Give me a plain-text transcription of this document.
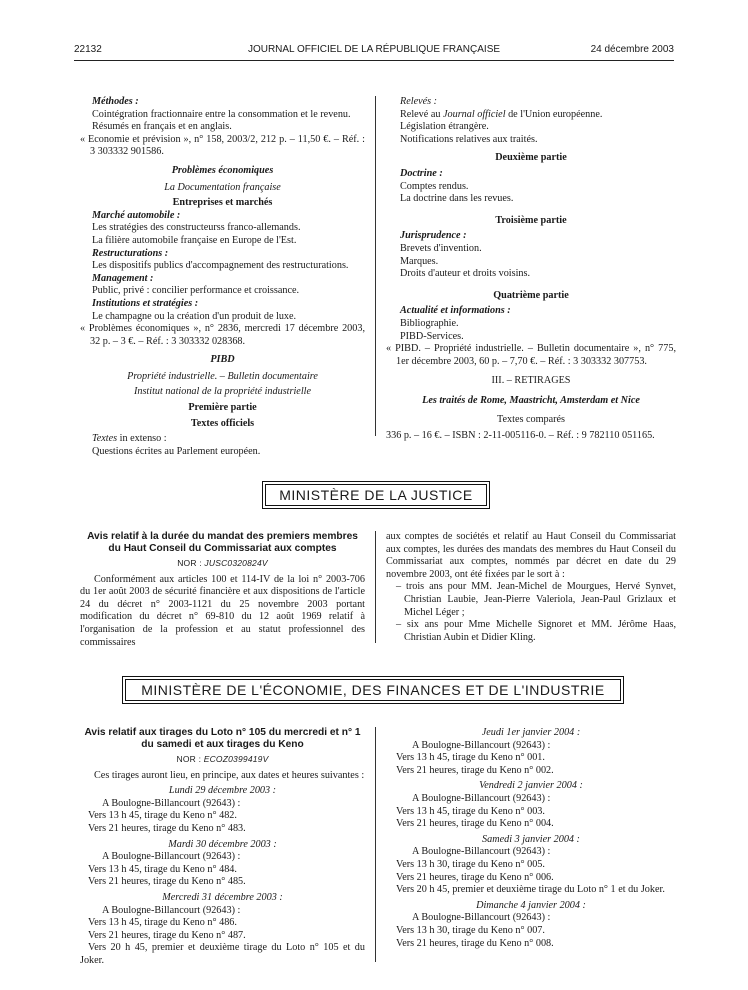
22132	JOURNAL OFFICIEL DE LA RÉPUBLIQUE FRANÇAISE	24 décembre 2003

Méthodes :

Cointégration fractionnaire entre la consommation et le revenu.

Résumés en français et en anglais.

« Economie et prévision », n° 158, 2003/2, 212 p. – 11,50 €. – Réf. : 3 303332 901586.

Problèmes économiques

La Documentation française

Entreprises et marchés

Marché automobile :

Les stratégies des constructeurss franco-allemands.

La filière automobile française en Europe de l'Est.

Restructurations :

Les dispositifs publics d'accompagnement des restructurations.

Management :

Public, privé : concilier performance et croissance.

Institutions et stratégies :

Le champagne ou la création d'un produit de luxe.

« Problèmes économiques », n° 2836, mercredi 17 décembre 2003, 32 p. – 3 €. – Réf. : 3 303332 028368.

PIBD

Propriété industrielle. – Bulletin documentaire

Institut national de la propriété industrielle

Première partie

Textes officiels

Textes in extenso :

Questions écrites au Parlement européen.

Relevés :

Relevé au Journal officiel de l'Union européenne.

Législation étrangère.

Notifications relatives aux traités.

Deuxième partie

Doctrine :

Comptes rendus.

La doctrine dans les revues.

Troisième partie

Jurisprudence :

Brevets d'invention.

Marques.

Droits d'auteur et droits voisins.

Quatrième partie

Actualité et informations :

Bibliographie.

PIBD-Services.

« PIBD. – Propriété industrielle. – Bulletin documentaire », n° 775, 1er décembre 2003, 60 p. – 7,70 €. – Réf. : 3 303332 307753.

III. – RETIRAGES

Les traités de Rome, Maastricht, Amsterdam et Nice

Textes comparés

336 p. – 16 €. – ISBN : 2-11-005116-0. – Réf. : 9 782110 051165.

MINISTÈRE DE LA JUSTICE

Avis relatif à la durée du mandat des premiers membres du Haut Conseil du Commissariat aux comptes

NOR : JUSC0320824V

Conformément aux articles 100 et 114-IV de la loi n° 2003-706 du 1er août 2003 de sécurité financière et aux dispositions de l'article 24 du décret n° 2003-1121 du 25 novembre 2003 portant modification du décret n° 69-810 du 12 août 1969 relatif à l'organisation de la profession et au statut professionnel des commissaires

aux comptes de sociétés et relatif au Haut Conseil du Commissariat aux comptes, les durées des mandats des membres du Haut Conseil du Commissariat aux comptes, nommés par décret en date du 29 novembre 2003, ont été fixées par le sort à :

– trois ans pour MM. Jean-Michel de Mourgues, Hervé Synvet, Christian Laubie, Jean-Pierre Valeriola, Jean-Paul Grizlaux et Michel Léger ;

– six ans pour Mme Michelle Signoret et MM. Jérôme Haas, Christian Aubin et Didier Kling.

MINISTÈRE DE L'ÉCONOMIE, DES FINANCES ET DE L'INDUSTRIE

Avis relatif aux tirages du Loto n° 105 du mercredi et n° 1 du samedi et aux tirages du Keno

NOR : ECOZ0399419V

Ces tirages auront lieu, en principe, aux dates et heures suivantes :

Lundi 29 décembre 2003 :

A Boulogne-Billancourt (92643) :

Vers 13 h 45, tirage du Keno n° 482.

Vers 21 heures, tirage du Keno n° 483.

Mardi 30 décembre 2003 :

A Boulogne-Billancourt (92643) :

Vers 13 h 45, tirage du Keno n° 484.

Vers 21 heures, tirage du Keno n° 485.

Mercredi 31 décembre 2003 :

A Boulogne-Billancourt (92643) :

Vers 13 h 45, tirage du Keno n° 486.

Vers 21 heures, tirage du Keno n° 487.

Vers 20 h 45, premier et deuxième tirage du Loto n° 105 et du Joker.

Jeudi 1er janvier 2004 :

A Boulogne-Billancourt (92643) :

Vers 13 h 45, tirage du Keno n° 001.

Vers 21 heures, tirage du Keno n° 002.

Vendredi 2 janvier 2004 :

A Boulogne-Billancourt (92643) :

Vers 13 h 45, tirage du Keno n° 003.

Vers 21 heures, tirage du Keno n° 004.

Samedi 3 janvier 2004 :

A Boulogne-Billancourt (92643) :

Vers 13 h 30, tirage du Keno n° 005.

Vers 21 heures, tirage du Keno n° 006.

Vers 20 h 45, premier et deuxième tirage du Loto n° 1 et du Joker.

Dimanche 4 janvier 2004 :

A Boulogne-Billancourt (92643) :

Vers 13 h 30, tirage du Keno n° 007.

Vers 21 heures, tirage du Keno n° 008.
